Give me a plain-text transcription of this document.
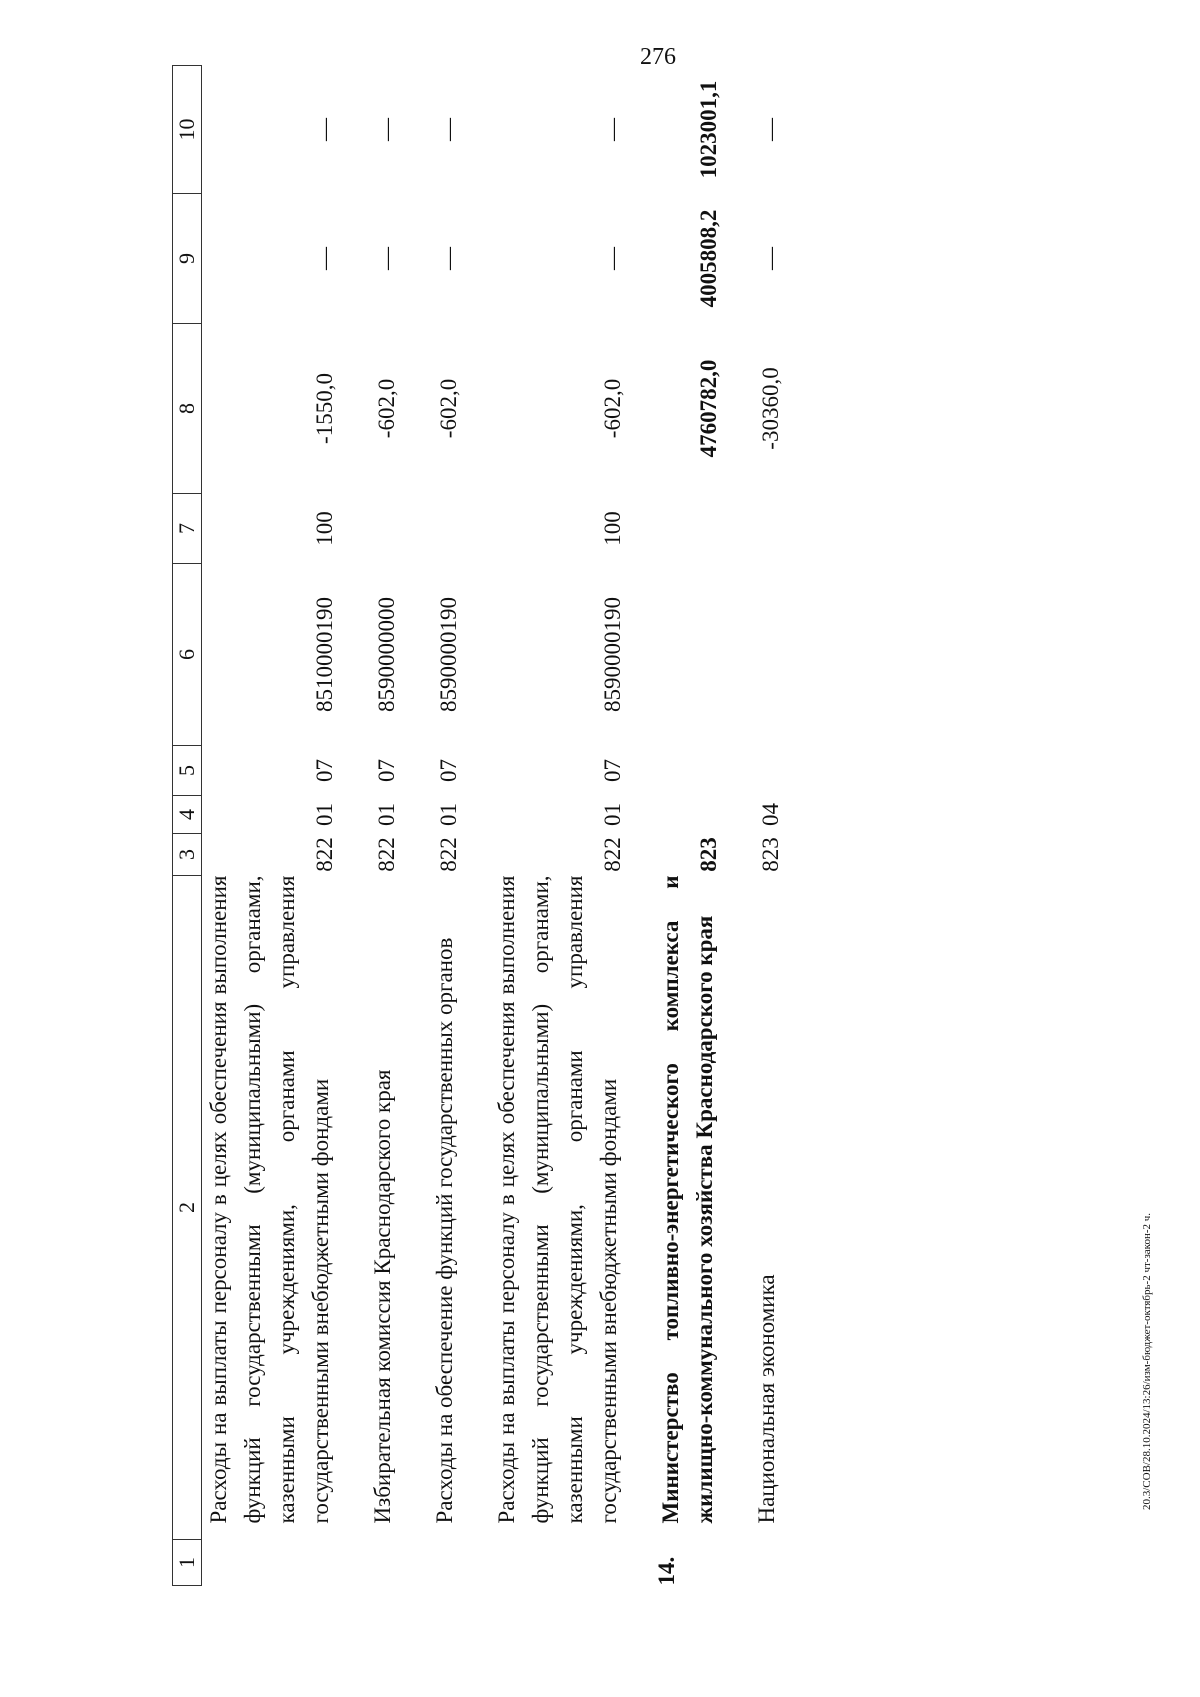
276
1	2	3	4	5	6	7	8	9	10

	Расходы на выплаты персоналу в целях обеспечения выполнения функций государственными (муниципальными) органами, казенными учреждениями, органами управления государственными внебюджетными фондами	822	01	07	8510000190	100	-1550,0	—	—

	Избирательная комиссия Краснодарского края	822	01	07	8590000000		-602,0	—	—

	Расходы на обеспечение функций государственных органов	822	01	07	8590000190		-602,0	—	—

	Расходы на выплаты персоналу в целях обеспечения выполнения функций государственными (муниципальными) органами, казенными учреждениями, органами управления государственными внебюджетными фондами	822	01	07	8590000190	100	-602,0	—	—
14.	Министерство топливно-энергетического комплекса и жилищно-коммунального хозяйства Краснодарского края	823					4760782,0	4005808,2	1023001,1

	Национальная экономика	823	04				-30360,0	—	—
20.3/СОВ/28.10.2024/13:26/изм-бюджет-октябрь-2 чт-закон-2 ч.
